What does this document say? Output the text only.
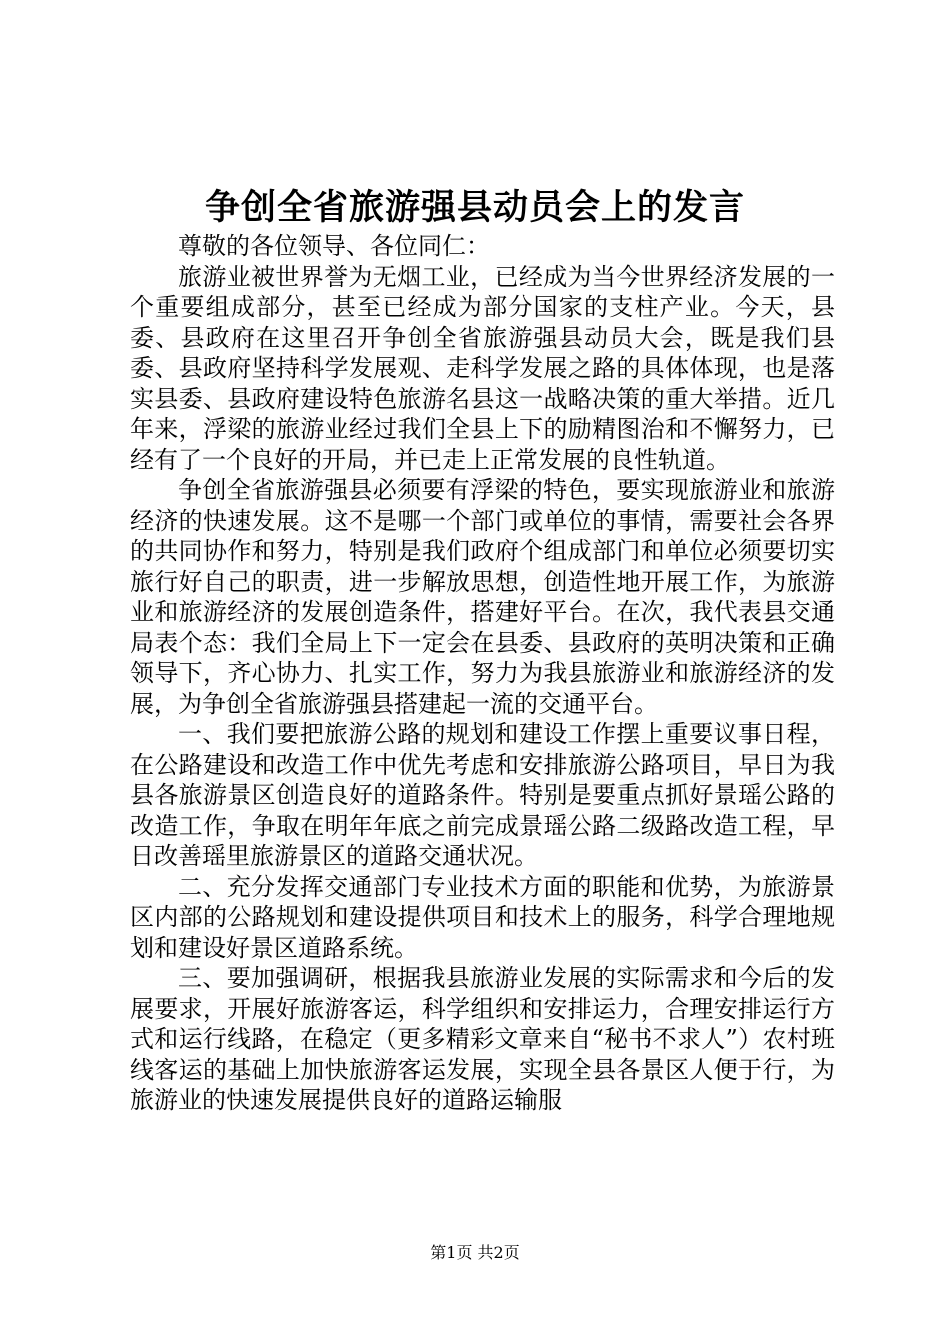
争创全省旅游强县动员会上的发言

尊敬的各位领导、各位同仁：

旅游业被世界誉为无烟工业，已经成为当今世界经济发展的一个重要组成部分，甚至已经成为部分国家的支柱产业。今天，县委、县政府在这里召开争创全省旅游强县动员大会，既是我们县委、县政府坚持科学发展观、走科学发展之路的具体体现，也是落实县委、县政府建设特色旅游名县这一战略决策的重大举措。近几年来，浮梁的旅游业经过我们全县上下的励精图治和不懈努力，已经有了一个良好的开局，并已走上正常发展的良性轨道。

争创全省旅游强县必须要有浮梁的特色，要实现旅游业和旅游经济的快速发展。这不是哪一个部门或单位的事情，需要社会各界的共同协作和努力，特别是我们政府个组成部门和单位必须要切实旅行好自己的职责，进一步解放思想，创造性地开展工作，为旅游业和旅游经济的发展创造条件，搭建好平台。在次，我代表县交通局表个态：我们全局上下一定会在县委、县政府的英明决策和正确领导下，齐心协力、扎实工作，努力为我县旅游业和旅游经济的发展，为争创全省旅游强县搭建起一流的交通平台。

一、我们要把旅游公路的规划和建设工作摆上重要议事日程，在公路建设和改造工作中优先考虑和安排旅游公路项目，早日为我县各旅游景区创造良好的道路条件。特别是要重点抓好景瑶公路的改造工作，争取在明年年底之前完成景瑶公路二级路改造工程，早日改善瑶里旅游景区的道路交通状况。

二、充分发挥交通部门专业技术方面的职能和优势，为旅游景区内部的公路规划和建设提供项目和技术上的服务，科学合理地规划和建设好景区道路系统。

三、要加强调研，根据我县旅游业发展的实际需求和今后的发展要求，开展好旅游客运，科学组织和安排运力，合理安排运行方式和运行线路，在稳定（更多精彩文章来自“秘书不求人”）农村班线客运的基础上加快旅游客运发展，实现全县各景区人便于行，为旅游业的快速发展提供良好的道路运输服

第1页 共2页
